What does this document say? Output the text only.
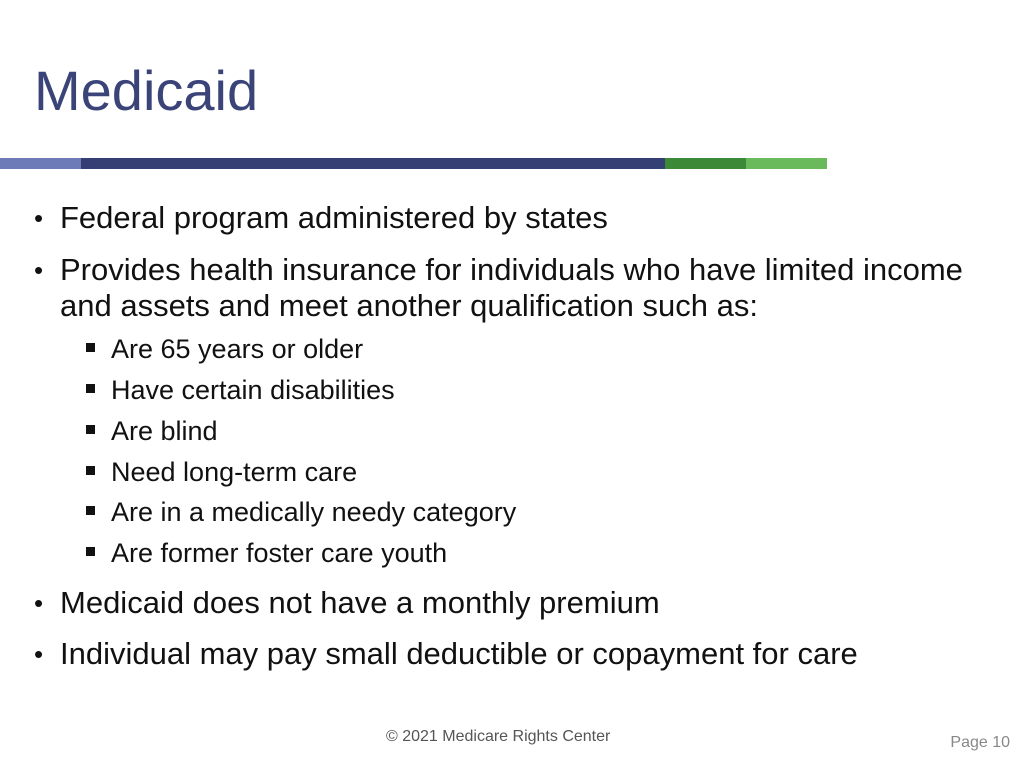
Medicaid
• Federal program administered by states
• Provides health insurance for individuals who have limited income and assets and meet another qualification such as:
Are 65 years or older
Have certain disabilities
Are blind
Need long-term care
Are in a medically needy category
Are former foster care youth
• Medicaid does not have a monthly premium
• Individual may pay small deductible or copayment for care
© 2021 Medicare Rights Center	Page 10
